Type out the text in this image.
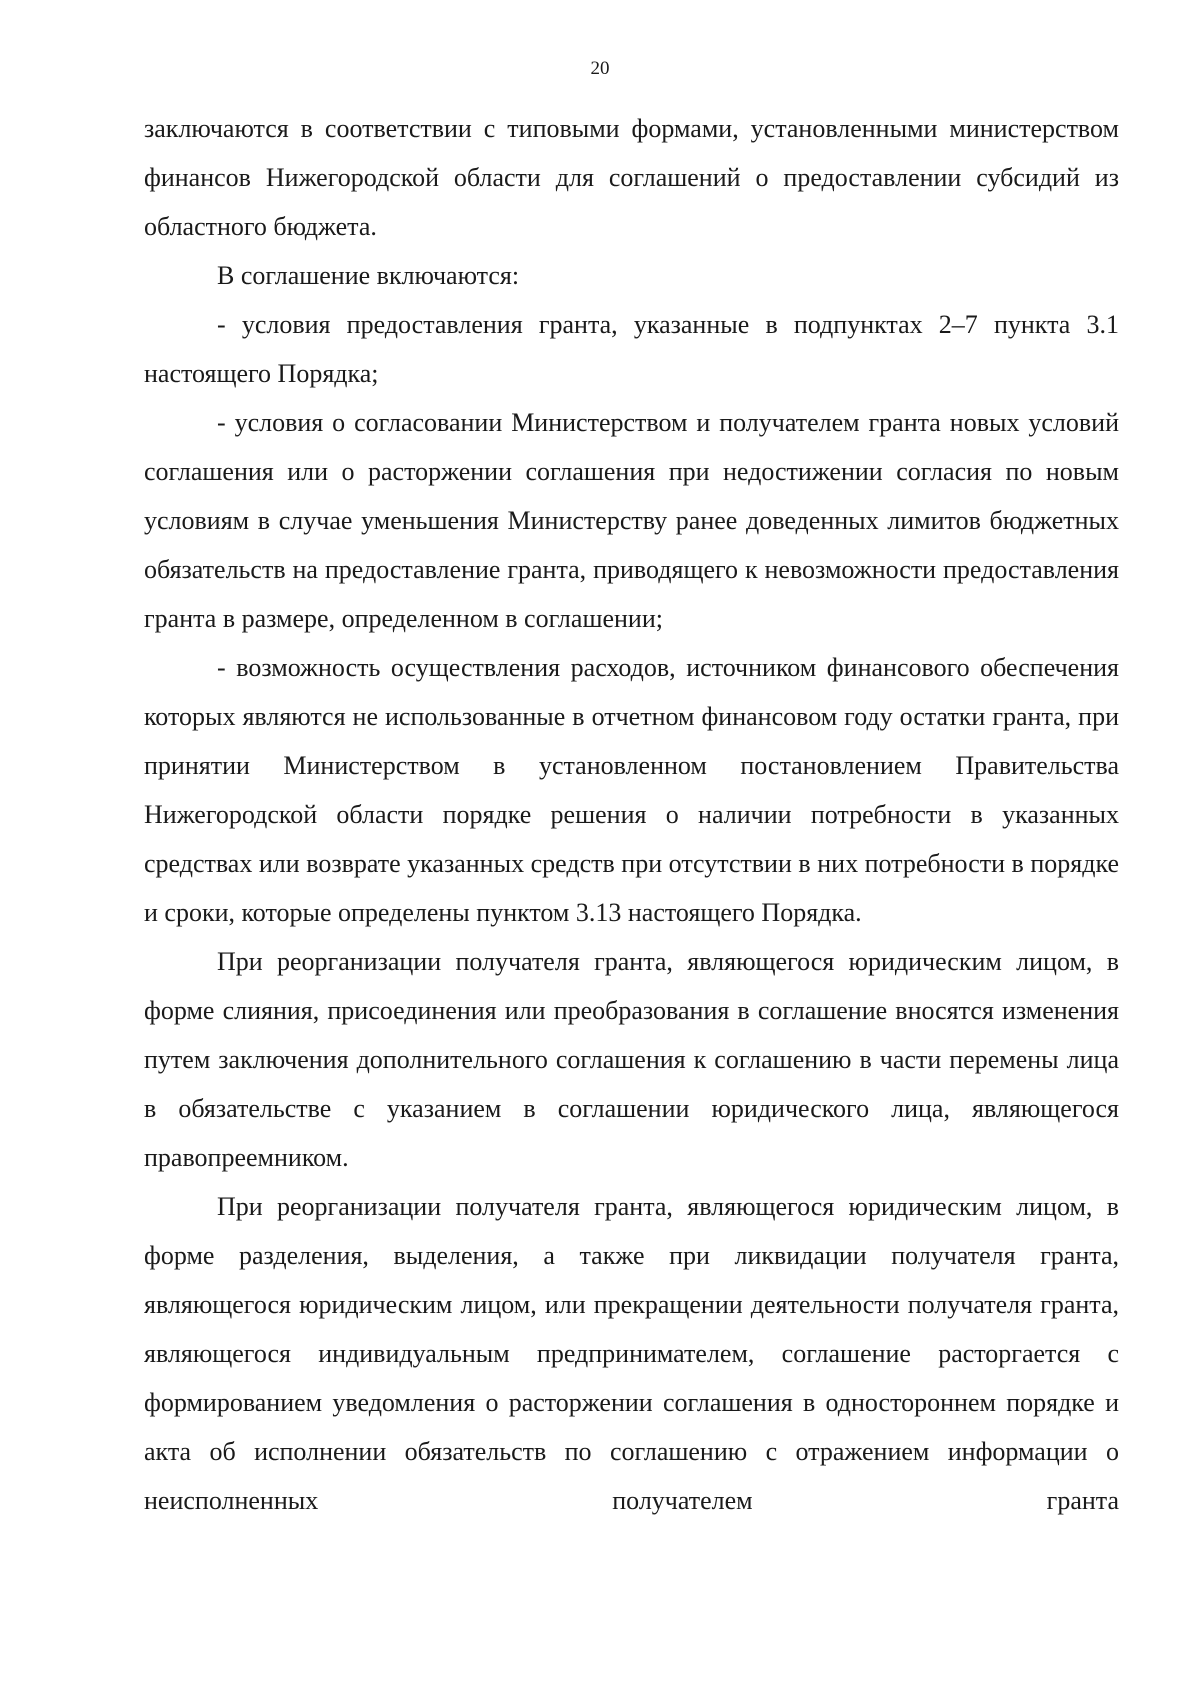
20

заключаются в соответствии с типовыми формами, установленными министерством финансов Нижегородской области для соглашений о предоставлении субсидий из областного бюджета.

В соглашение включаются:

- условия предоставления гранта, указанные в подпунктах 2–7 пункта 3.1 настоящего Порядка;

- условия о согласовании Министерством и получателем гранта новых условий соглашения или о расторжении соглашения при недостижении согласия по новым условиям в случае уменьшения Министерству ранее доведенных лимитов бюджетных обязательств на предоставление гранта, приводящего к невозможности предоставления гранта в размере, определенном в соглашении;

- возможность осуществления расходов, источником финансового обеспечения которых являются не использованные в отчетном финансовом году остатки гранта, при принятии Министерством в установленном постановлением Правительства Нижегородской области порядке решения о наличии потребности в указанных средствах или возврате указанных средств при отсутствии в них потребности в порядке и сроки, которые определены пунктом 3.13 настоящего Порядка.

При реорганизации получателя гранта, являющегося юридическим лицом, в форме слияния, присоединения или преобразования в соглашение вносятся изменения путем заключения дополнительного соглашения к соглашению в части перемены лица в обязательстве с указанием в соглашении юридического лица, являющегося правопреемником.

При реорганизации получателя гранта, являющегося юридическим лицом, в форме разделения, выделения, а также при ликвидации получателя гранта, являющегося юридическим лицом, или прекращении деятельности получателя гранта, являющегося индивидуальным предпринимателем, соглашение расторгается с формированием уведомления о расторжении соглашения в одностороннем порядке и акта об исполнении обязательств по соглашению с отражением информации о неисполненных получателем гранта
